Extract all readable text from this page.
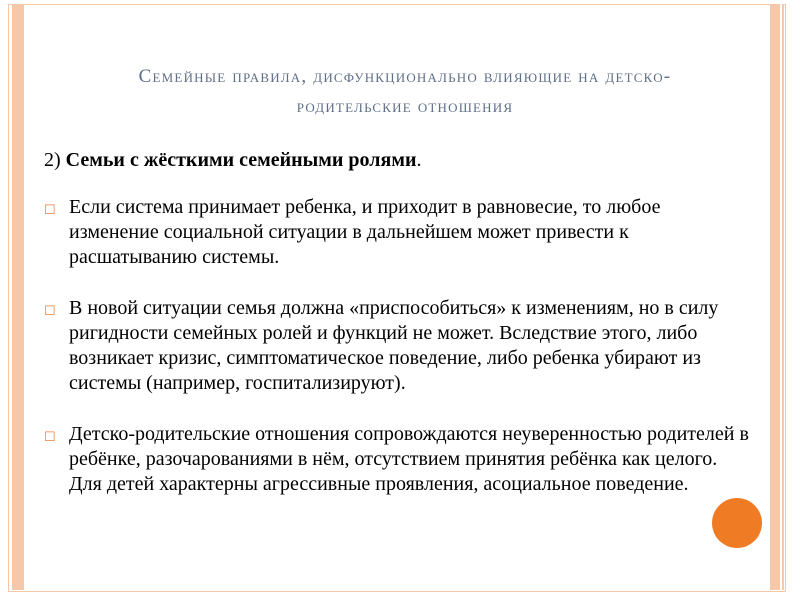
Семейные правила, дисфункционально влияющие на детско-
родительские отношения

2) Семьи с жёсткими семейными ролями.

☐ Если система принимает ребенка, и приходит в равновесие, то любое изменение социальной ситуации в дальнейшем может привести к расшатыванию системы.
☐ В новой ситуации семья должна «приспособиться» к изменениям, но в силу ригидности семейных ролей и функций не может. Вследствие этого, либо возникает кризис, симптоматическое поведение, либо ребенка убирают из системы (например, госпитализируют).
☐ Детско-родительские отношения сопровождаются неуверенностью родителей в ребёнке, разочарованиями в нём, отсутствием принятия ребёнка как целого. Для детей характерны агрессивные проявления, асоциальное поведение.
